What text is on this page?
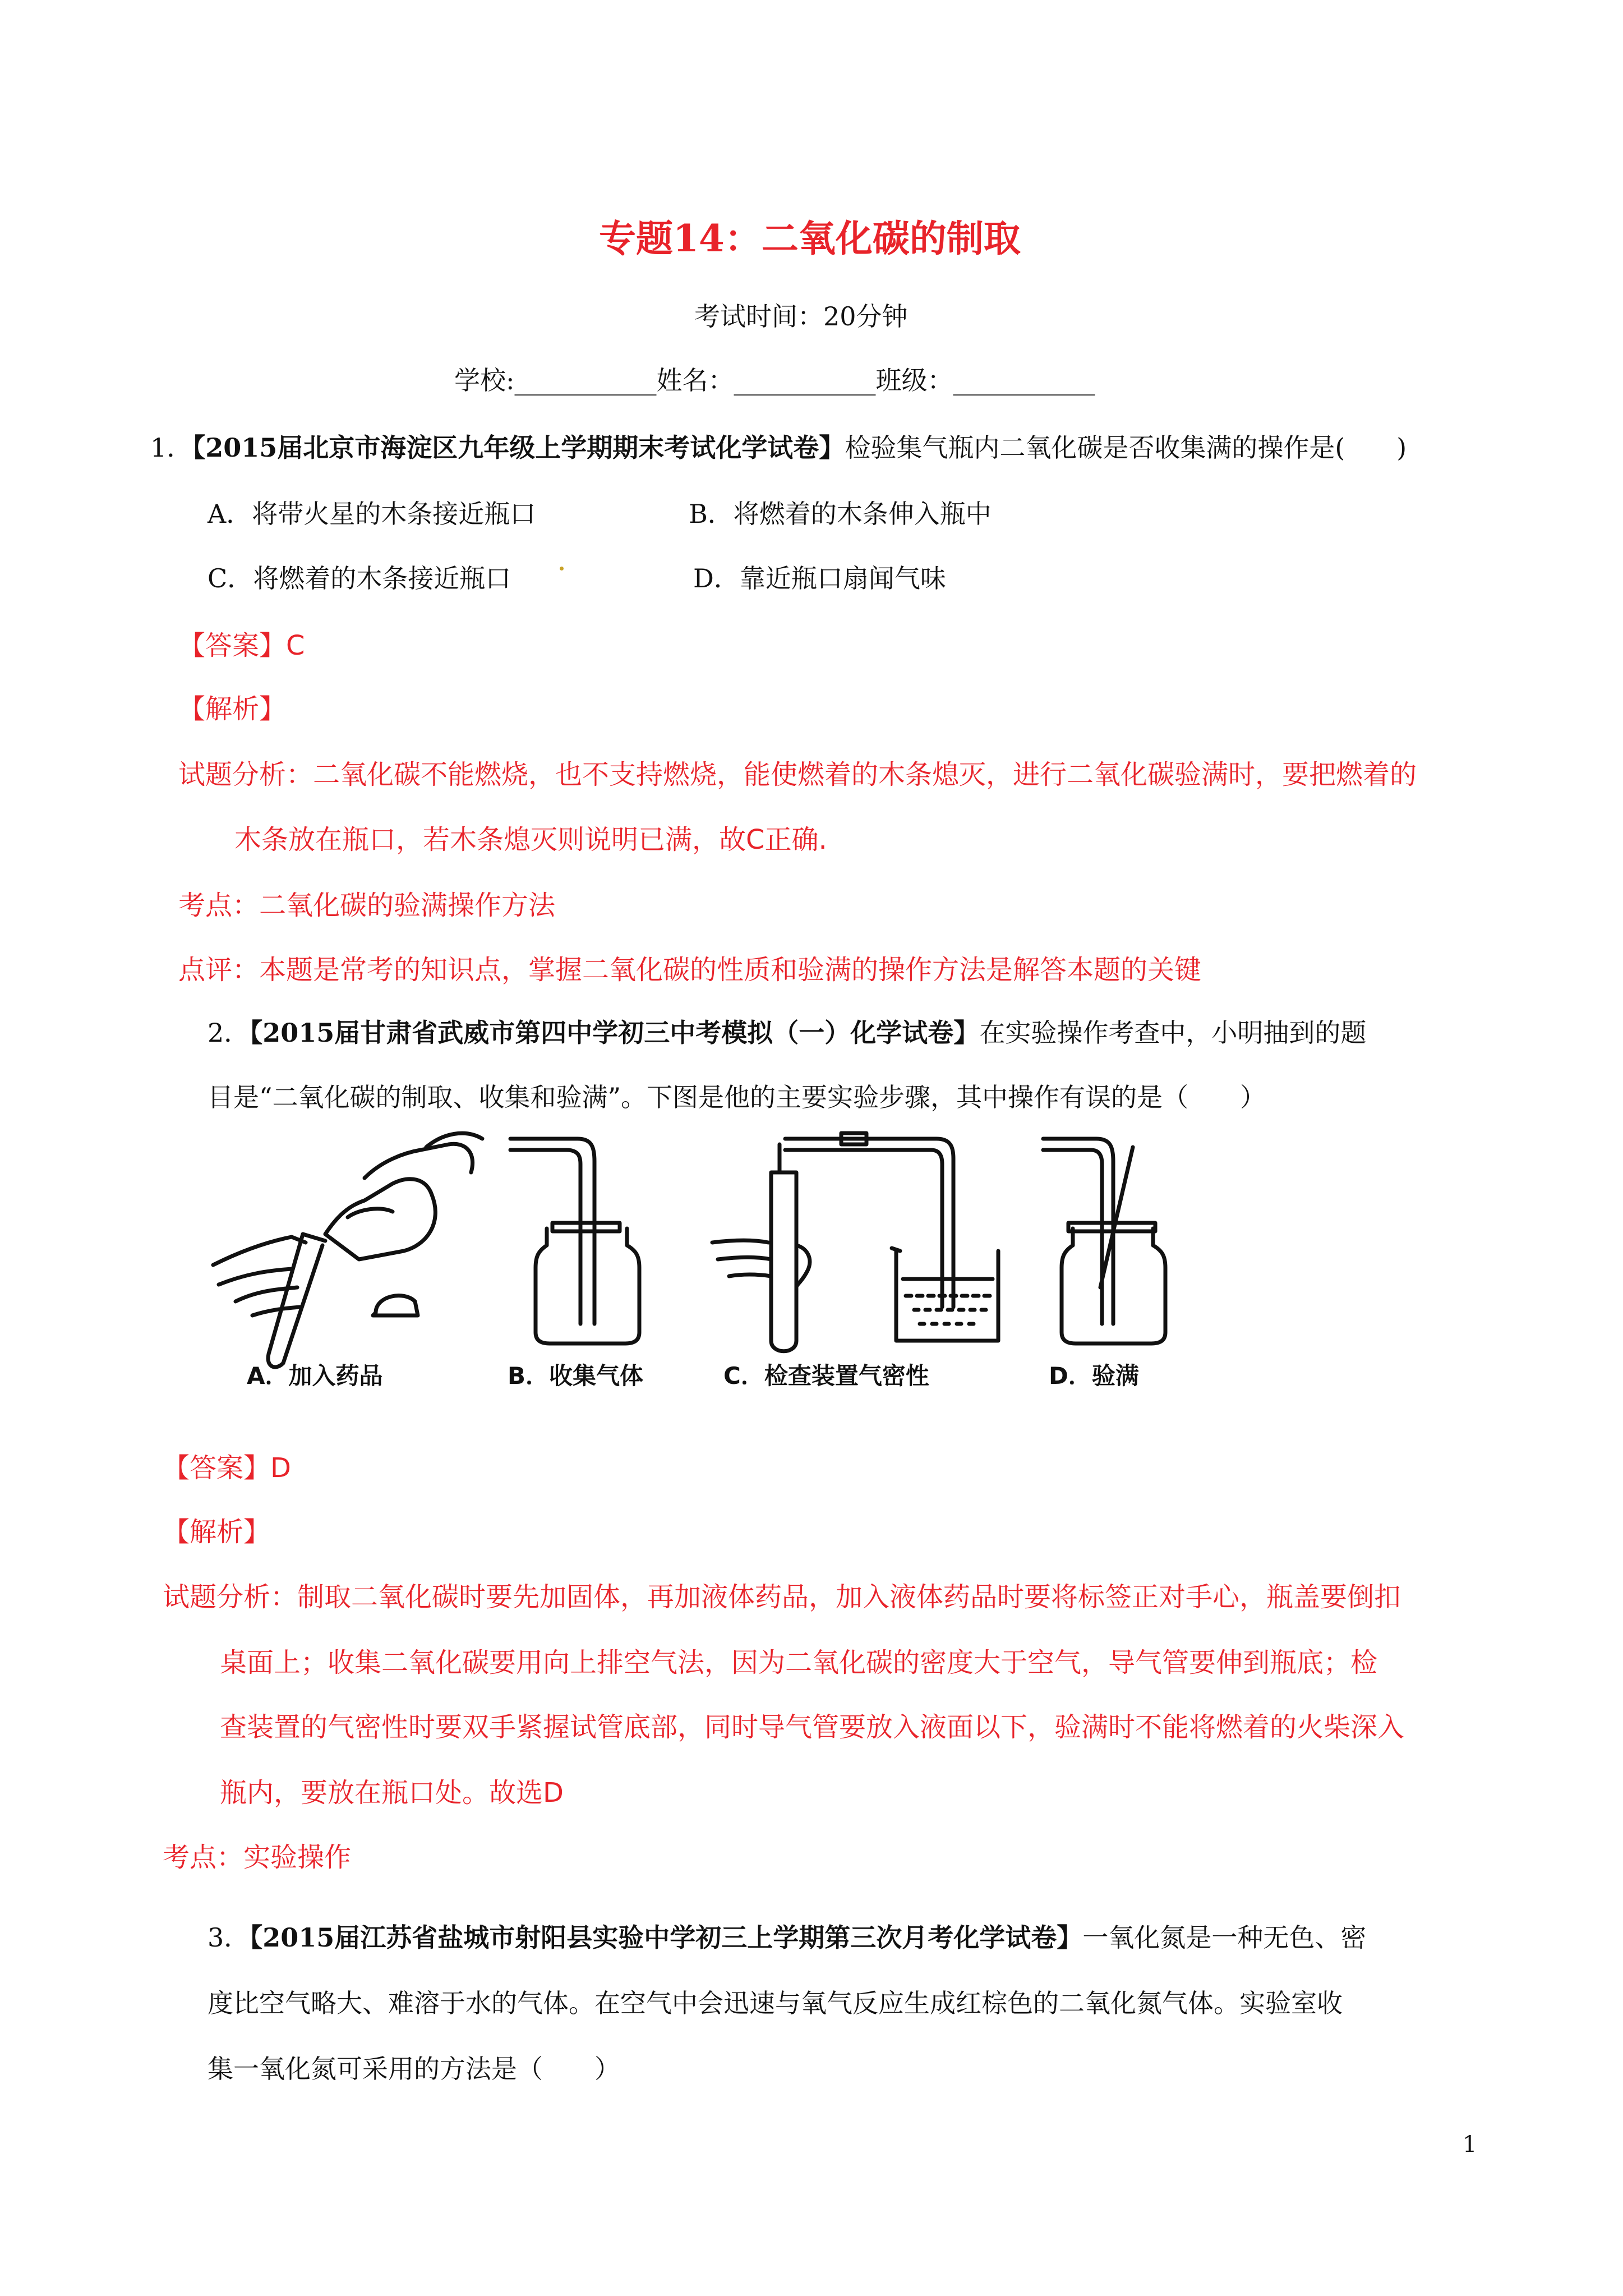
专题14：二氧化碳的制取
考试时间：20分钟
学校:___________姓名：___________班级：___________
1．【2015届北京市海淀区九年级上学期期末考试化学试卷】检验集气瓶内二氧化碳是否收集满的操作是(　　)
A．将带火星的木条接近瓶口	B．将燃着的木条伸入瓶中
C．将燃着的木条接近瓶口	D．靠近瓶口扇闻气味
【答案】C
【解析】
试题分析：二氧化碳不能燃烧，也不支持燃烧，能使燃着的木条熄灭，进行二氧化碳验满时，要把燃着的
木条放在瓶口，若木条熄灭则说明已满，故C正确.
考点：二氧化碳的验满操作方法
点评：本题是常考的知识点，掌握二氧化碳的性质和验满的操作方法是解答本题的关键
2．【2015届甘肃省武威市第四中学初三中考模拟（一）化学试卷】在实验操作考查中，小明抽到的题
目是“二氧化碳的制取、收集和验满”。下图是他的主要实验步骤，其中操作有误的是（　　）
A．加入药品	B．收集气体	C．检查装置气密性	D．验满
【答案】D
【解析】
试题分析：制取二氧化碳时要先加固体，再加液体药品，加入液体药品时要将标签正对手心，瓶盖要倒扣
桌面上；收集二氧化碳要用向上排空气法，因为二氧化碳的密度大于空气，导气管要伸到瓶底；检
查装置的气密性时要双手紧握试管底部，同时导气管要放入液面以下，验满时不能将燃着的火柴深入
瓶内，要放在瓶口处。故选D
考点：实验操作
3．【2015届江苏省盐城市射阳县实验中学初三上学期第三次月考化学试卷】一氧化氮是一种无色、密
度比空气略大、难溶于水的气体。在空气中会迅速与氧气反应生成红棕色的二氧化氮气体。实验室收
集一氧化氮可采用的方法是（　　）
1
